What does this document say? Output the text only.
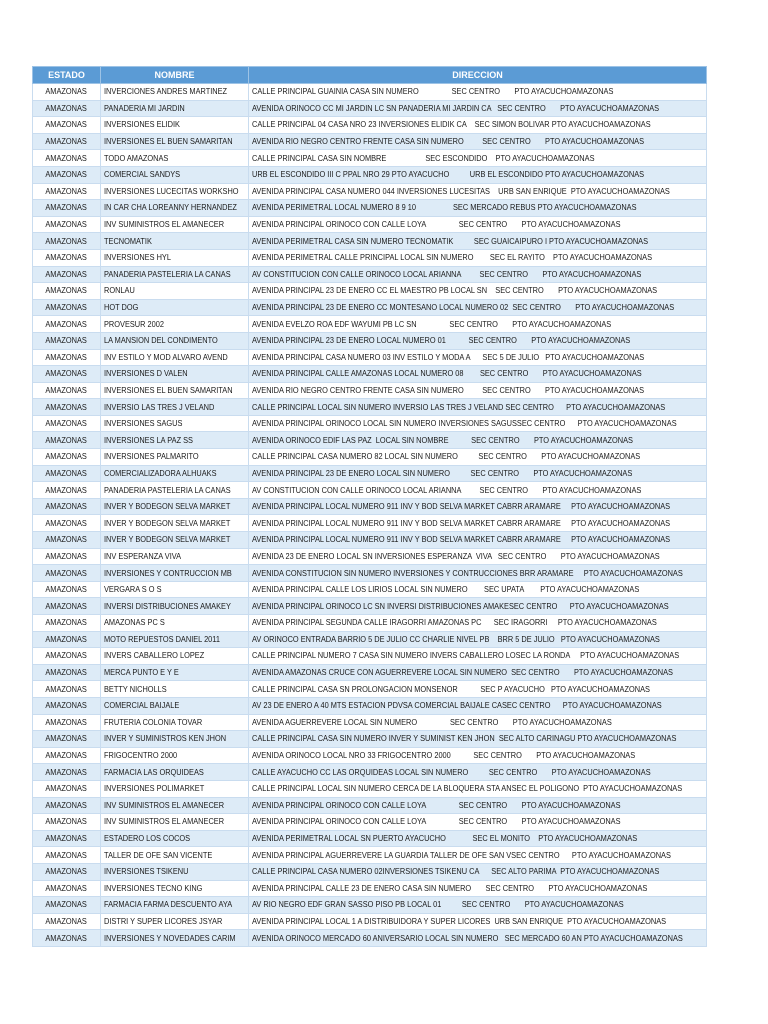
ESTADO	NOMBRE	DIRECCION
AMAZONAS	INVERCIONES ANDRES MARTINEZ	CALLE PRINCIPAL GUAINIA CASA SIN NUMERO                SEC CENTRO       PTO AYACUCHOAMAZONAS
AMAZONAS	PANADERIA MI JARDIN	AVENIDA ORINOCO CC MI JARDIN LC SN PANADERIA MI JARDIN CA   SEC CENTRO       PTO AYACUCHOAMAZONAS
AMAZONAS	INVERSIONES ELIDIK	CALLE PRINCIPAL 04 CASA NRO 23 INVERSIONES ELIDIK CA    SEC SIMON BOLIVAR PTO AYACUCHOAMAZONAS
AMAZONAS	INVERSIONES EL BUEN SAMARITAN	AVENIDA RIO NEGRO CENTRO FRENTE CASA SIN NUMERO         SEC CENTRO       PTO AYACUCHOAMAZONAS
AMAZONAS	TODO AMAZONAS	CALLE PRINCIPAL CASA SIN NOMBRE                   SEC ESCONDIDO    PTO AYACUCHOAMAZONAS
AMAZONAS	COMERCIAL SANDYS	URB EL ESCONDIDO III C PPAL NRO 29 PTO AYACUCHO          URB EL ESCONDIDO PTO AYACUCHOAMAZONAS
AMAZONAS	INVERSIONES LUCECITAS WORKSHO	AVENIDA PRINCIPAL CASA NUMERO 044 INVERSIONES LUCESITAS    URB SAN ENRIQUE  PTO AYACUCHOAMAZONAS
AMAZONAS	IN CAR CHA LOREANNY HERNANDEZ	AVENIDA PERIMETRAL LOCAL NUMERO 8 9 10                  SEC MERCADO REBUS PTO AYACUCHOAMAZONAS
AMAZONAS	INV SUMINISTROS EL AMANECER	AVENIDA PRINCIPAL ORINOCO CON CALLE LOYA                SEC CENTRO       PTO AYACUCHOAMAZONAS
AMAZONAS	TECNOMATIK	AVENIDA PERIMETRAL CASA SIN NUMERO TECNOMATIK          SEC GUAICAIPURO I PTO AYACUCHOAMAZONAS
AMAZONAS	INVERSIONES HYL	AVENIDA PERIMETRAL CALLE PRINCIPAL LOCAL SIN NUMERO        SEC EL RAYITO    PTO AYACUCHOAMAZONAS
AMAZONAS	PANADERIA PASTELERIA LA CANAS	AV CONSTITUCION CON CALLE ORINOCO LOCAL ARIANNA         SEC CENTRO       PTO AYACUCHOAMAZONAS
AMAZONAS	RONLAU	AVENIDA PRINCIPAL 23 DE ENERO CC EL MAESTRO PB LOCAL SN    SEC CENTRO       PTO AYACUCHOAMAZONAS
AMAZONAS	HOT DOG	AVENIDA PRINCIPAL 23 DE ENERO CC MONTESANO LOCAL NUMERO 02  SEC CENTRO       PTO AYACUCHOAMAZONAS
AMAZONAS	PROVESUR 2002	AVENIDA EVELZO ROA EDF WAYUMI PB LC SN                SEC CENTRO       PTO AYACUCHOAMAZONAS
AMAZONAS	LA MANSION DEL CONDIMENTO	AVENIDA PRINCIPAL 23 DE ENERO LOCAL NUMERO 01           SEC CENTRO       PTO AYACUCHOAMAZONAS
AMAZONAS	INV ESTILO Y MOD ALVARO AVEND	AVENIDA PRINCIPAL CASA NUMERO 03 INV ESTILO Y MODA A      SEC 5 DE JULIO   PTO AYACUCHOAMAZONAS
AMAZONAS	INVERSIONES D VALEN	AVENIDA PRINCIPAL CALLE AMAZONAS LOCAL NUMERO 08        SEC CENTRO       PTO AYACUCHOAMAZONAS
AMAZONAS	INVERSIONES EL BUEN SAMARITAN	AVENIDA RIO NEGRO CENTRO FRENTE CASA SIN NUMERO         SEC CENTRO       PTO AYACUCHOAMAZONAS
AMAZONAS	INVERSIO LAS TRES J VELAND	CALLE PRINCIPAL LOCAL SIN NUMERO INVERSIO LAS TRES J VELAND SEC CENTRO      PTO AYACUCHOAMAZONAS
AMAZONAS	INVERSIONES SAGUS	AVENIDA PRINCIPAL ORINOCO LOCAL SIN NUMERO INVERSIONES SAGUSSEC CENTRO      PTO AYACUCHOAMAZONAS
AMAZONAS	INVERSIONES LA PAZ SS	AVENIDA ORINOCO EDIF LAS PAZ  LOCAL SIN NOMBRE           SEC CENTRO       PTO AYACUCHOAMAZONAS
AMAZONAS	INVERSIONES PALMARITO	CALLE PRINCIPAL CASA NUMERO 82 LOCAL SIN NUMERO          SEC CENTRO       PTO AYACUCHOAMAZONAS
AMAZONAS	COMERCIALIZADORA ALHUAKS	AVENIDA PRINCIPAL 23 DE ENERO LOCAL SIN NUMERO          SEC CENTRO       PTO AYACUCHOAMAZONAS
AMAZONAS	PANADERIA PASTELERIA LA CANAS	AV CONSTITUCION CON CALLE ORINOCO LOCAL ARIANNA         SEC CENTRO       PTO AYACUCHOAMAZONAS
AMAZONAS	INVER Y BODEGON SELVA MARKET	AVENIDA PRINCIPAL LOCAL NUMERO 911 INV Y BOD SELVA MARKET CABRR ARAMARE     PTO AYACUCHOAMAZONAS
AMAZONAS	INVER Y BODEGON SELVA MARKET	AVENIDA PRINCIPAL LOCAL NUMERO 911 INV Y BOD SELVA MARKET CABRR ARAMARE     PTO AYACUCHOAMAZONAS
AMAZONAS	INVER Y BODEGON SELVA MARKET	AVENIDA PRINCIPAL LOCAL NUMERO 911 INV Y BOD SELVA MARKET CABRR ARAMARE     PTO AYACUCHOAMAZONAS
AMAZONAS	INV ESPERANZA VIVA	AVENIDA 23 DE ENERO LOCAL SN INVERSIONES ESPERANZA  VIVA   SEC CENTRO       PTO AYACUCHOAMAZONAS
AMAZONAS	INVERSIONES Y CONTRUCCION MB	AVENIDA CONSTITUCION SIN NUMERO INVERSIONES Y CONTRUCCIONES BRR ARAMARE     PTO AYACUCHOAMAZONAS
AMAZONAS	VERGARA S O S	AVENIDA PRINCIPAL CALLE LOS LIRIOS LOCAL SIN NUMERO        SEC UPATA        PTO AYACUCHOAMAZONAS
AMAZONAS	INVERSI DISTRIBUCIONES AMAKEY	AVENIDA PRINCIPAL ORINOCO LC SN INVERSI DISTRIBUCIONES AMAKESEC CENTRO      PTO AYACUCHOAMAZONAS
AMAZONAS	AMAZONAS PC S	AVENIDA PRINCIPAL SEGUNDA CALLE IRAGORRI AMAZONAS PC      SEC IRAGORRI     PTO AYACUCHOAMAZONAS
AMAZONAS	MOTO REPUESTOS DANIEL 2011	AV ORINOCO ENTRADA BARRIO 5 DE JULIO CC CHARLIE NIVEL PB    BRR 5 DE JULIO   PTO AYACUCHOAMAZONAS
AMAZONAS	INVERS CABALLERO LOPEZ	CALLE PRINCIPAL NUMERO 7 CASA SIN NUMERO INVERS CABALLERO LOSEC LA RONDA     PTO AYACUCHOAMAZONAS
AMAZONAS	MERCA PUNTO E Y E	AVENIDA AMAZONAS CRUCE CON AGUERREVERE LOCAL SIN NUMERO  SEC CENTRO       PTO AYACUCHOAMAZONAS
AMAZONAS	BETTY NICHOLLS	CALLE PRINCIPAL CASA SN PROLONGACION MONSENOR           SEC P AYACUCHO   PTO AYACUCHOAMAZONAS
AMAZONAS	COMERCIAL BAIJALE	AV 23 DE ENERO A 40 MTS ESTACION PDVSA COMERCIAL BAIJALE CASEC CENTRO      PTO AYACUCHOAMAZONAS
AMAZONAS	FRUTERIA COLONIA TOVAR	AVENIDA AGUERREVERE LOCAL SIN NUMERO                SEC CENTRO       PTO AYACUCHOAMAZONAS
AMAZONAS	INVER Y SUMINISTROS KEN JHON	CALLE PRINCIPAL CASA SIN NUMERO INVER Y SUMINIST KEN JHON  SEC ALTO CARINAGU PTO AYACUCHOAMAZONAS
AMAZONAS	FRIGOCENTRO 2000	AVENIDA ORINOCO LOCAL NRO 33 FRIGOCENTRO 2000           SEC CENTRO       PTO AYACUCHOAMAZONAS
AMAZONAS	FARMACIA LAS ORQUIDEAS	CALLE AYACUCHO CC LAS ORQUIDEAS LOCAL SIN NUMERO          SEC CENTRO       PTO AYACUCHOAMAZONAS
AMAZONAS	INVERSIONES POLIMARKET	CALLE PRINCIPAL LOCAL SIN NUMERO CERCA DE LA BLOQUERA STA ANSEC EL POLIGONO  PTO AYACUCHOAMAZONAS
AMAZONAS	INV SUMINISTROS EL AMANECER	AVENIDA PRINCIPAL ORINOCO CON CALLE LOYA                SEC CENTRO       PTO AYACUCHOAMAZONAS
AMAZONAS	INV SUMINISTROS EL AMANECER	AVENIDA PRINCIPAL ORINOCO CON CALLE LOYA                SEC CENTRO       PTO AYACUCHOAMAZONAS
AMAZONAS	ESTADERO LOS COCOS	AVENIDA PERIMETRAL LOCAL SN PUERTO AYACUCHO             SEC EL MONITO    PTO AYACUCHOAMAZONAS
AMAZONAS	TALLER DE OFE SAN VICENTE	AVENIDA PRINCIPAL AGUERREVERE LA GUARDIA TALLER DE OFE SAN VSEC CENTRO      PTO AYACUCHOAMAZONAS
AMAZONAS	INVERSIONES TSIKENU	CALLE PRINCIPAL CASA NUMERO 02INVERSIONES TSIKENU CA      SEC ALTO PARIMA  PTO AYACUCHOAMAZONAS
AMAZONAS	INVERSIONES TECNO KING	AVENIDA PRINCIPAL CALLE 23 DE ENERO CASA SIN NUMERO       SEC CENTRO       PTO AYACUCHOAMAZONAS
AMAZONAS	FARMACIA FARMA DESCUENTO AYA	AV RIO NEGRO EDF GRAN SASSO PISO PB LOCAL 01          SEC CENTRO       PTO AYACUCHOAMAZONAS
AMAZONAS	DISTRI Y SUPER LICORES JSYAR	AVENIDA PRINCIPAL LOCAL 1 A DISTRIBUIDORA Y SUPER LICORES  URB SAN ENRIQUE  PTO AYACUCHOAMAZONAS
AMAZONAS	INVERSIONES Y NOVEDADES CARIM	AVENIDA ORINOCO MERCADO 60 ANIVERSARIO LOCAL SIN NUMERO   SEC MERCADO 60 AN PTO AYACUCHOAMAZONAS
